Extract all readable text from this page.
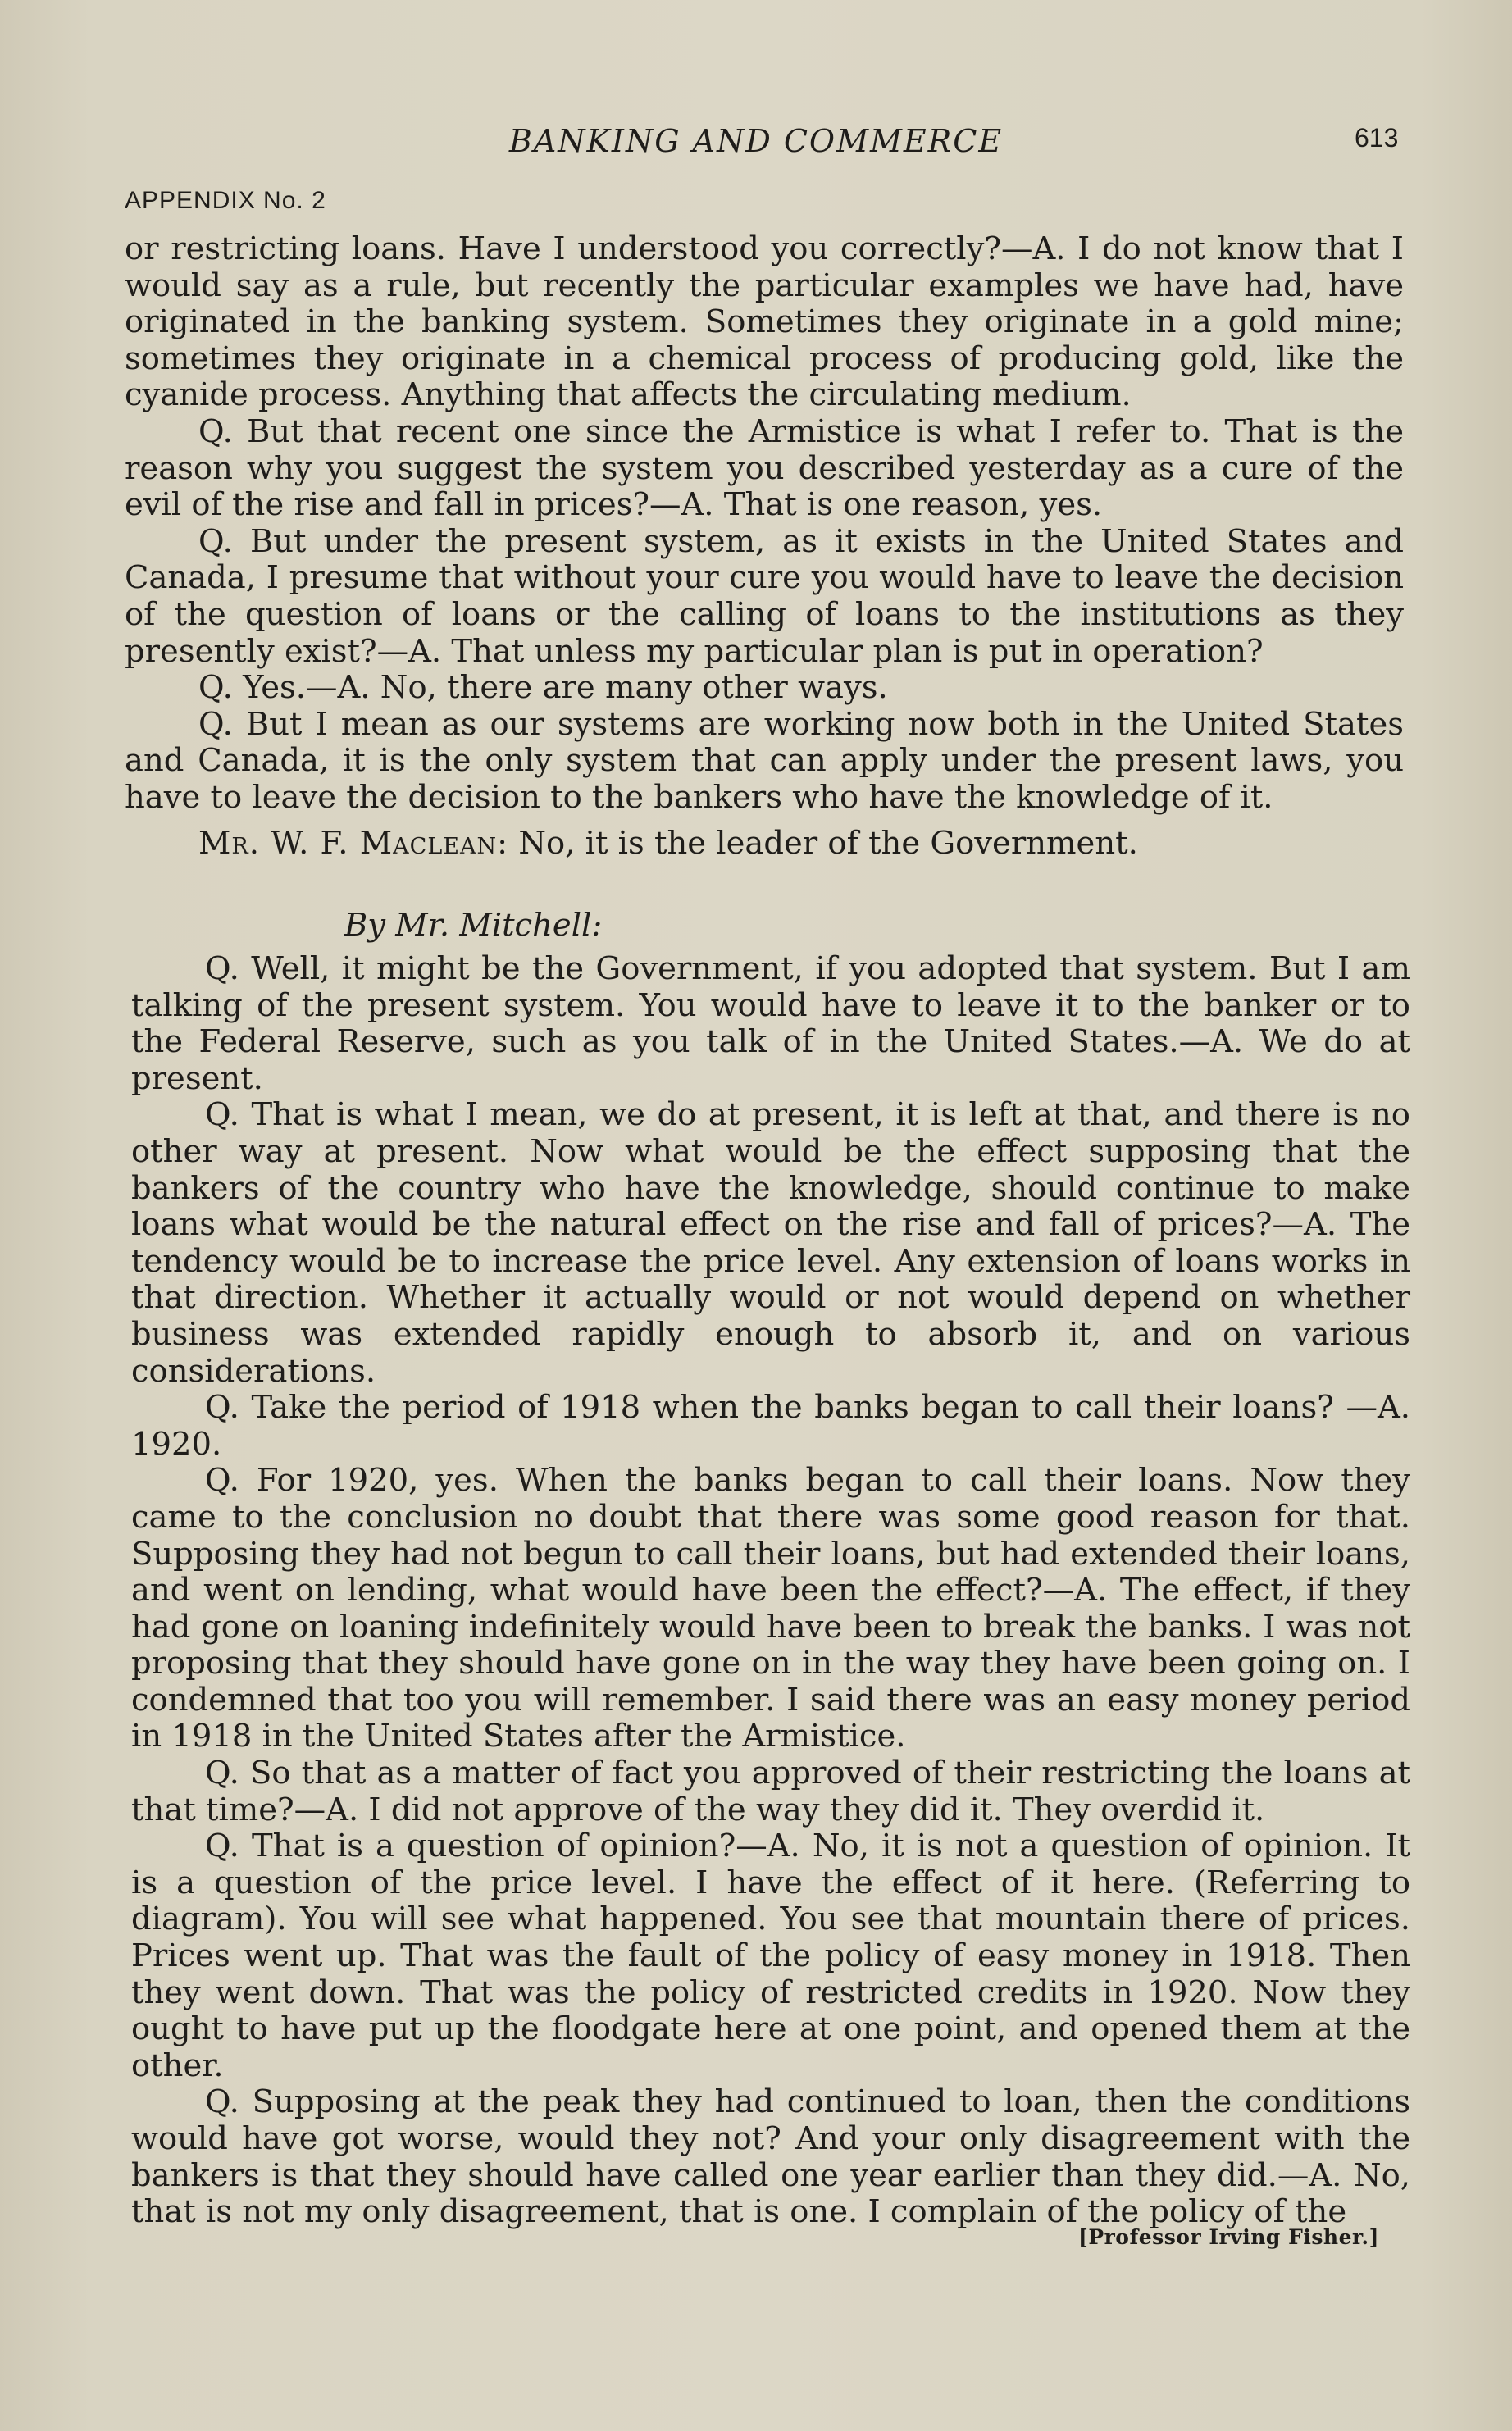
BANKING AND COMMERCE	613
APPENDIX No. 2

or restricting loans. Have I understood you correctly?—A. I do not know that I would say as a rule, but recently the particular examples we have had, have originated in the banking system. Sometimes they originate in a gold mine; sometimes they originate in a chemical process of producing gold, like the cyanide process. Anything that affects the circulating medium.

Q. But that recent one since the Armistice is what I refer to. That is the reason why you suggest the system you described yesterday as a cure of the evil of the rise and fall in prices?—A. That is one reason, yes.

Q. But under the present system, as it exists in the United States and Canada, I presume that without your cure you would have to leave the decision of the question of loans or the calling of loans to the institutions as they presently exist?—A. That unless my particular plan is put in operation?

Q. Yes.—A. No, there are many other ways.

Q. But I mean as our systems are working now both in the United States and Canada, it is the only system that can apply under the present laws, you have to leave the decision to the bankers who have the knowledge of it.

Mr. W. F. Maclean: No, it is the leader of the Government.

By Mr. Mitchell:

Q. Well, it might be the Government, if you adopted that system. But I am talking of the present system. You would have to leave it to the banker or to the Federal Reserve, such as you talk of in the United States.—A. We do at present.

Q. That is what I mean, we do at present, it is left at that, and there is no other way at present. Now what would be the effect supposing that the bankers of the country who have the knowledge, should continue to make loans what would be the natural effect on the rise and fall of prices?—A. The tendency would be to increase the price level. Any extension of loans works in that direction. Whether it actually would or not would depend on whether business was extended rapidly enough to absorb it, and on various considerations.

Q. Take the period of 1918 when the banks began to call their loans? —A. 1920.

Q. For 1920, yes. When the banks began to call their loans. Now they came to the conclusion no doubt that there was some good reason for that. Supposing they had not begun to call their loans, but had extended their loans, and went on lending, what would have been the effect?—A. The effect, if they had gone on loaning indefinitely would have been to break the banks. I was not proposing that they should have gone on in the way they have been going on. I condemned that too you will remember. I said there was an easy money period in 1918 in the United States after the Armistice.

Q. So that as a matter of fact you approved of their restricting the loans at that time?—A. I did not approve of the way they did it. They overdid it.

Q. That is a question of opinion?—A. No, it is not a question of opinion. It is a question of the price level. I have the effect of it here. (Referring to diagram). You will see what happened. You see that mountain there of prices. Prices went up. That was the fault of the policy of easy money in 1918. Then they went down. That was the policy of restricted credits in 1920. Now they ought to have put up the floodgate here at one point, and opened them at the other.

Q. Supposing at the peak they had continued to loan, then the conditions would have got worse, would they not? And your only disagreement with the bankers is that they should have called one year earlier than they did.—A. No, that is not my only disagreement, that is one. I complain of the policy of the

[Professor Irving Fisher.]
